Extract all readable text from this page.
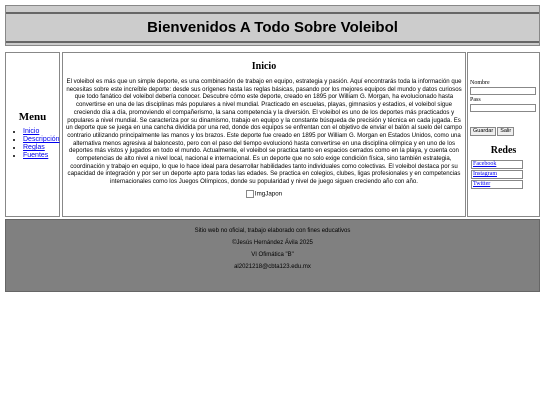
Bienvenidos A Todo Sobre Voleibol
Menu
• Inicio
• Descripción
• Reglas
• Fuentes
Inicio

El voleibol es más que un simple deporte, es una combinación de trabajo en equipo, estrategia y pasión. Aquí encontrarás toda la información que necesitas sobre este increíble deporte: desde sus orígenes hasta las reglas básicas, pasando por los mejores equipos del mundo y datos curiosos que todo fanático del voleibol debería conocer. Descubre cómo este deporte, creado en 1895 por William G. Morgan, ha evolucionado hasta convertirse en una de las disciplinas más populares a nivel mundial. Practicado en escuelas, playas, gimnasios y estadios, el voleibol sigue creciendo día a día, promoviendo el compañerismo, la sana competencia y la diversión. El voleibol es uno de los deportes más practicados y populares a nivel mundial. Se caracteriza por su dinamismo, trabajo en equipo y la constante búsqueda de precisión y técnica en cada jugada. Es un deporte que se juega en una cancha dividida por una red, donde dos equipos se enfrentan con el objetivo de enviar el balón al suelo del campo contrario utilizando principalmente las manos y los brazos. Este deporte fue creado en 1895 por William G. Morgan en Estados Unidos, como una alternativa menos agresiva al baloncesto, pero con el paso del tiempo evolucionó hasta convertirse en una disciplina olímpica y en uno de los deportes más vistos y jugados en todo el mundo. Actualmente, el voleibol se practica tanto en espacios cerrados como en la playa, y cuenta con competencias de alto nivel a nivel local, nacional e internacional. Es un deporte que no solo exige condición física, sino también estrategia, coordinación y trabajo en equipo, lo que lo hace ideal para desarrollar habilidades tanto individuales como colectivas. El voleibol destaca por su capacidad de integración y por ser un deporte apto para todas las edades. Se practica en colegios, clubes, ligas profesionales y en competencias internacionales como los Juegos Olímpicos, donde su popularidad y nivel de juego siguen creciendo año con año.

ImgJapon
Nombre
Pass
Guardar Salir
Redes
Facebook
Instagram
Twitter
Sitio web no oficial, trabajo elaborado con fines educativos
©Jesús Hernández Ávila 2025
VI Ofimática "B"
al2021218@cbta123.edu.mx
